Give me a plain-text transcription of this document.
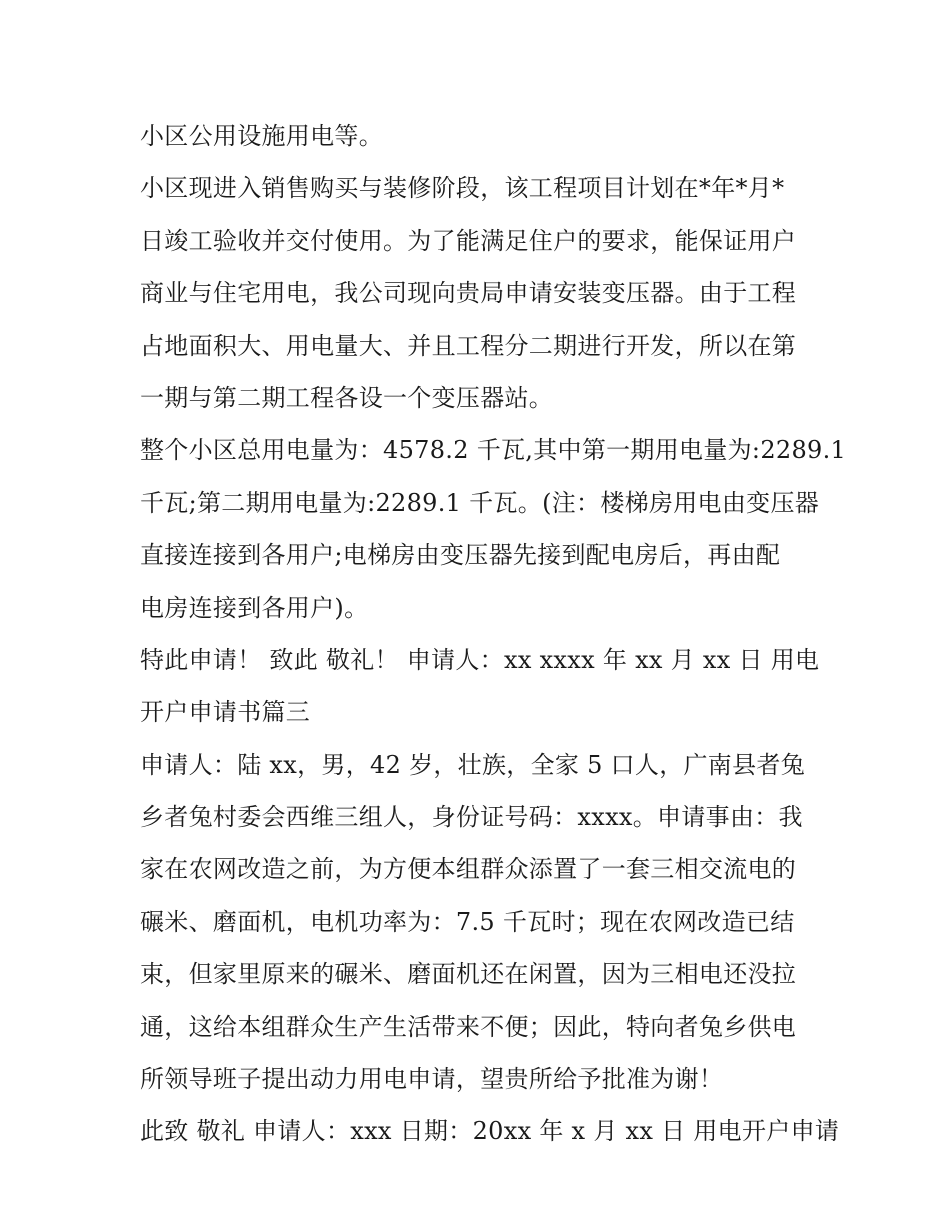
小区公用设施用电等。
小区现进入销售购买与装修阶段，该工程项目计划在*年*月*
日竣工验收并交付使用。为了能满足住户的要求，能保证用户
商业与住宅用电，我公司现向贵局申请安装变压器。由于工程
占地面积大、用电量大、并且工程分二期进行开发，所以在第
一期与第二期工程各设一个变压器站。
整个小区总用电量为：4578.2 千瓦,其中第一期用电量为:2289.1
千瓦;第二期用电量为:2289.1 千瓦。(注：楼梯房用电由变压器
直接连接到各用户;电梯房由变压器先接到配电房后，再由配
电房连接到各用户)。
特此申请！ 致此 敬礼！ 申请人：xx xxxx 年 xx 月 xx 日 用电
开户申请书篇三
申请人：陆 xx，男，42 岁，壮族，全家 5 口人，广南县者兔
乡者兔村委会西维三组人，身份证号码：xxxx。申请事由：我
家在农网改造之前，为方便本组群众添置了一套三相交流电的
碾米、磨面机，电机功率为：7.5 千瓦时；现在农网改造已结
束，但家里原来的碾米、磨面机还在闲置，因为三相电还没拉
通，这给本组群众生产生活带来不便；因此，特向者兔乡供电
所领导班子提出动力用电申请，望贵所给予批准为谢！
此致 敬礼 申请人：xxx 日期：20xx 年 x 月 xx 日 用电开户申请
